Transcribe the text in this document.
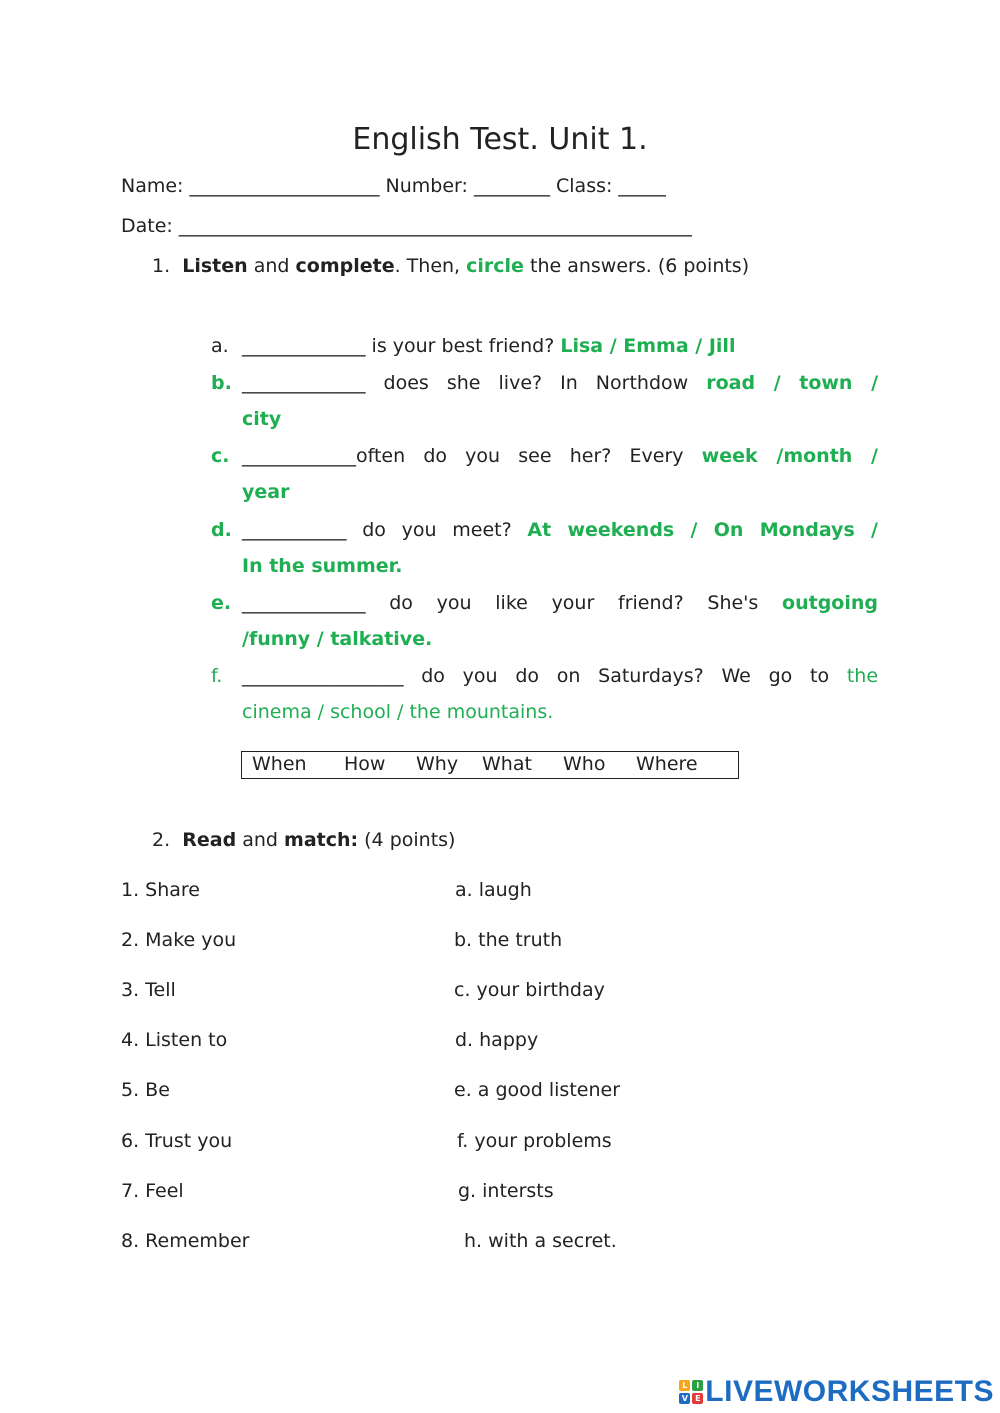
English Test. Unit 1.
Name: ____________________ Number: ________ Class: _____
Date: ______________________________________________________
1. Listen and complete. Then, circle the answers. (6 points)
a. _____________ is your best friend? Lisa / Emma / Jill
b. _____________ does she live? In Northdow road / town /
city
c. ____________often do you see her? Every week /month /
year
d. ___________ do you meet? At weekends / On Mondays /
In the summer.
e. _____________ do you like your friend? She's outgoing
/funny / talkative.
f. _________________ do you do on Saturdays? We go to the
cinema / school / the mountains.
When How Why What Who Where
2. Read and match: (4 points)
1. Share
2. Make you
3. Tell
4. Listen to
5. Be
6. Trust you
7. Feel
8. Remember
a. laugh
b. the truth
c. your birthday
d. happy
e. a good listener
f. your problems
g. intersts
h. with a secret.
L	I
V E LIVEWORKSHEETS
